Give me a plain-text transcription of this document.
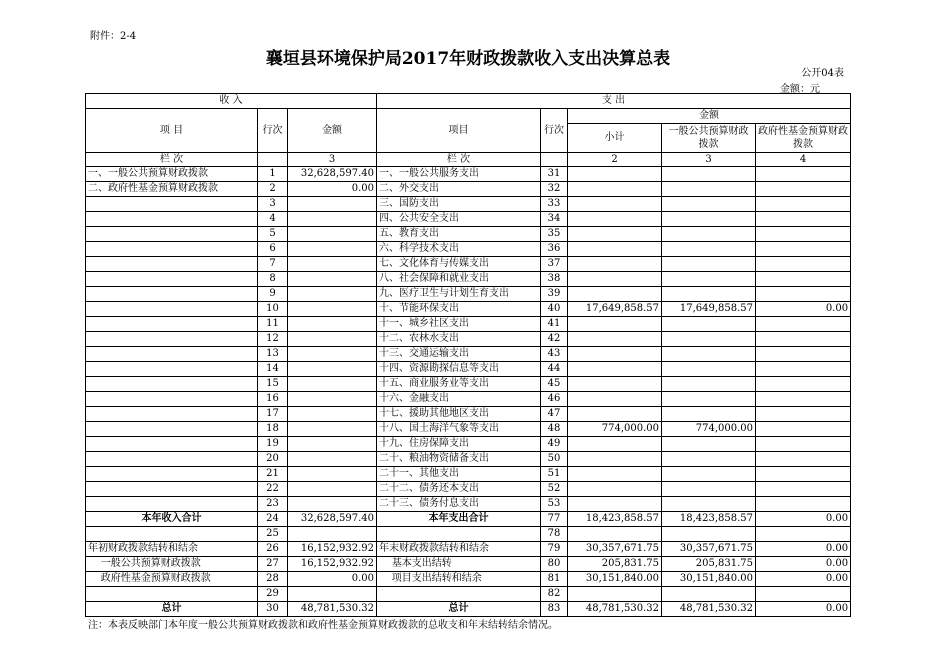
附件：2-4
襄垣县环境保护局2017年财政拨款收入支出决算总表
公开04表
金额：元
收 入			支 出				
项 目	行次	金额	项目	行次	金额		
					小计	一般公共预算财政拨款	政府性基金预算财政拨款
栏 次		3	栏 次		2	3	4
一、一般公共预算财政拨款	1	32,628,597.40	一、一般公共服务支出	31			
二、政府性基金预算财政拨款	2	0.00	二、外交支出	32			
	3		三、国防支出	33			
	4		四、公共安全支出	34			
	5		五、教育支出	35			
	6		六、科学技术支出	36			
	7		七、文化体育与传媒支出	37			
	8		八、社会保障和就业支出	38			
	9		九、医疗卫生与计划生育支出	39			
	10		十、节能环保支出	40	17,649,858.57	17,649,858.57	0.00
	11		十一、城乡社区支出	41			
	12		十二、农林水支出	42			
	13		十三、交通运输支出	43			
	14		十四、资源勘探信息等支出	44			
	15		十五、商业服务业等支出	45			
	16		十六、金融支出	46			
	17		十七、援助其他地区支出	47			
	18		十八、国土海洋气象等支出	48	774,000.00	774,000.00	
	19		十九、住房保障支出	49			
	20		二十、粮油物资储备支出	50			
	21		二十一、其他支出	51			
	22		二十二、债务还本支出	52			
	23		二十三、债务付息支出	53			
本年收入合计	24	32,628,597.40	本年支出合计	77	18,423,858.57	18,423,858.57	0.00
	25			78			
年初财政拨款结转和结余	26	16,152,932.92	年末财政拨款结转和结余	79	30,357,671.75	30,357,671.75	0.00
一般公共预算财政拨款	27	16,152,932.92	基本支出结转	80	205,831.75	205,831.75	0.00
政府性基金预算财政拨款	28	0.00	项目支出结转和结余	81	30,151,840.00	30,151,840.00	0.00
	29			82			
总计	30	48,781,530.32	总计	83	48,781,530.32	48,781,530.32	0.00
注：本表反映部门本年度一般公共预算财政拨款和政府性基金预算财政拨款的总收支和年末结转结余情况。
